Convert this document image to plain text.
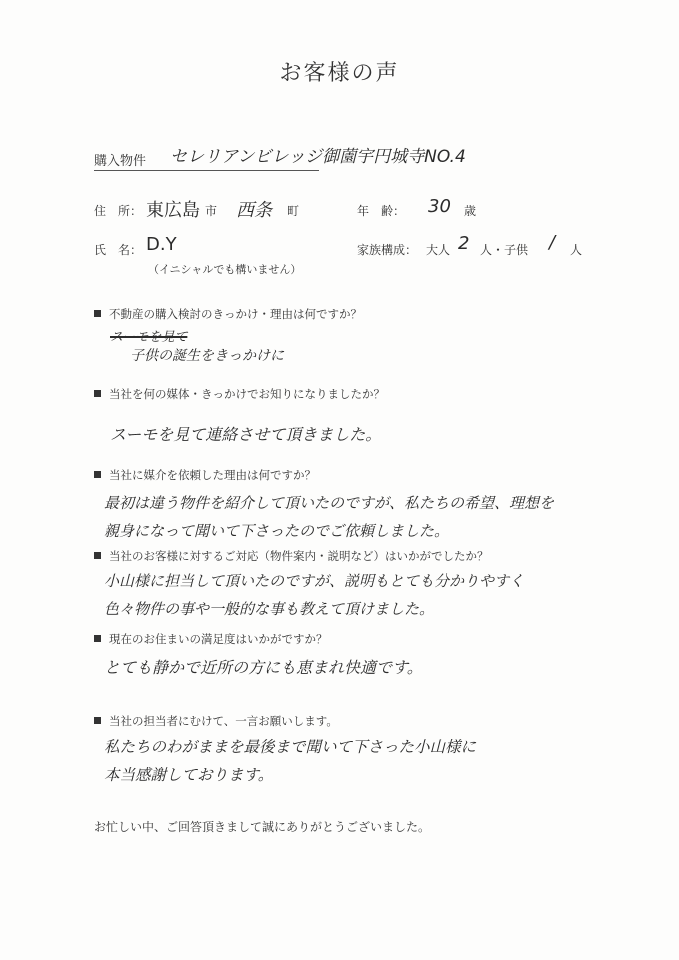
お客様の声
購入物件 セレリアンビレッジ御薗宇円城寺NO.4
住　所： 東広島 市 西条 町	年　齢： 30 歳
氏　名： D.Y
（イニシャルでも構いません）
家族構成： 大人 2 人・子供 / 人
不動産の購入検討のきっかけ・理由は何ですか？
スーモを見て
子供の誕生をきっかけに
当社を何の媒体・きっかけでお知りになりましたか？
スーモを見て連絡させて頂きました。
当社に媒介を依頼した理由は何ですか？
最初は違う物件を紹介して頂いたのですが、私たちの希望、理想を
親身になって聞いて下さったのでご依頼しました。
当社のお客様に対するご対応（物件案内・説明など）はいかがでしたか？
小山様に担当して頂いたのですが、説明もとても分かりやすく
色々物件の事や一般的な事も教えて頂けました。
現在のお住まいの満足度はいかがですか？
とても静かで近所の方にも恵まれ快適です。
当社の担当者にむけて、一言お願いします。
私たちのわがままを最後まで聞いて下さった小山様に
本当感謝しております。
お忙しい中、ご回答頂きまして誠にありがとうございました。
